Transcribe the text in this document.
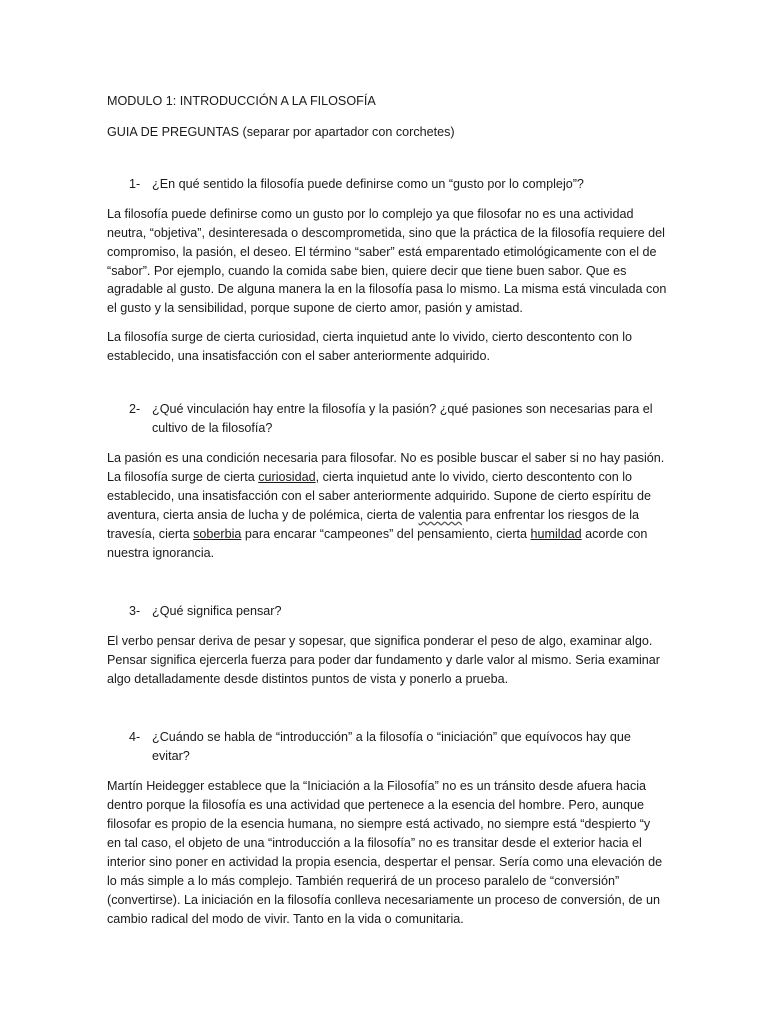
MODULO 1: INTRODUCCIÓN A LA FILOSOFÍA

GUIA DE PREGUNTAS (separar por apartador con corchetes)

1- ¿En qué sentido la filosofía puede definirse como un “gusto por lo complejo”?

La filosofía puede definirse como un gusto por lo complejo ya que filosofar no es una actividad neutra, “objetiva”, desinteresada o descomprometida, sino que la práctica de la filosofía requiere del compromiso, la pasión, el deseo. El término “saber” está emparentado etimológicamente con el de “sabor”. Por ejemplo, cuando la comida sabe bien, quiere decir que tiene buen sabor. Que es agradable al gusto. De alguna manera la en la filosofía pasa lo mismo. La misma está vinculada con el gusto y la sensibilidad, porque supone de cierto amor, pasión y amistad.

La filosofía surge de cierta curiosidad, cierta inquietud ante lo vivido, cierto descontento con lo establecido, una insatisfacción con el saber anteriormente adquirido.

2- ¿Qué vinculación hay entre la filosofía y la pasión? ¿qué pasiones son necesarias para el cultivo de la filosofía?

La pasión es una condición necesaria para filosofar. No es posible buscar el saber si no hay pasión. La filosofía surge de cierta curiosidad, cierta inquietud ante lo vivido, cierto descontento con lo establecido, una insatisfacción con el saber anteriormente adquirido. Supone de cierto espíritu de aventura, cierta ansia de lucha y de polémica, cierta de valentia para enfrentar los riesgos de la travesía, cierta soberbia para encarar “campeones” del pensamiento, cierta humildad acorde con nuestra ignorancia.

3- ¿Qué significa pensar?

El verbo pensar deriva de pesar y sopesar, que significa ponderar el peso de algo, examinar algo. Pensar significa ejercerla fuerza para poder dar fundamento y darle valor al mismo. Seria examinar algo detalladamente desde distintos puntos de vista y ponerlo a prueba.

4- ¿Cuándo se habla de “introducción” a la filosofía o “iniciación” que equívocos hay que evitar?

Martín Heidegger establece que la “Iniciación a la Filosofía” no es un tránsito desde afuera hacia dentro porque la filosofía es una actividad que pertenece a la esencia del hombre. Pero, aunque filosofar es propio de la esencia humana, no siempre está activado, no siempre está “despierto “y en tal caso, el objeto de una “introducción a la filosofía” no es transitar desde el exterior hacia el interior sino poner en actividad la propia esencia, despertar el pensar. Sería como una elevación de lo más simple a lo más complejo. También requerirá de un proceso paralelo de “conversión” (convertirse). La iniciación en la filosofía conlleva necesariamente un proceso de conversión, de un cambio radical del modo de vivir. Tanto en la vida o comunitaria.
